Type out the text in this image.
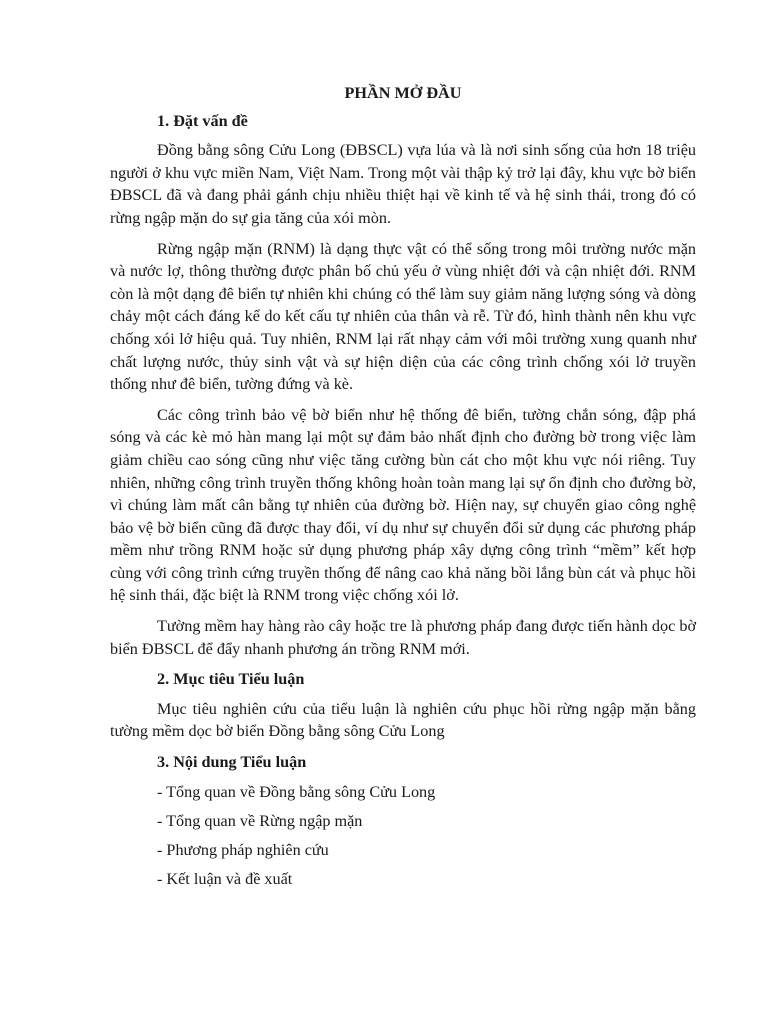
PHẦN MỞ ĐẦU
1. Đặt vấn đề

Đồng bằng sông Cửu Long (ĐBSCL) vựa lúa và là nơi sinh sống của hơn 18 triệu người ở khu vực miền Nam, Việt Nam. Trong một vài thập kỷ trở lại đây, khu vực bờ biển ĐBSCL đã và đang phải gánh chịu nhiều thiệt hại về kinh tế và hệ sinh thái, trong đó có rừng ngập mặn do sự gia tăng của xói mòn.

Rừng ngập mặn (RNM) là dạng thực vật có thể sống trong môi trường nước mặn và nước lợ, thông thường được phân bố chủ yếu ở vùng nhiệt đới và cận nhiệt đới. RNM còn là một dạng đê biển tự nhiên khi chúng có thể làm suy giảm năng lượng sóng và dòng chảy một cách đáng kể do kết cấu tự nhiên của thân và rễ. Từ đó, hình thành nên khu vực chống xói lở hiệu quả. Tuy nhiên, RNM lại rất nhạy cảm với môi trường xung quanh như chất lượng nước, thủy sinh vật và sự hiện diện của các công trình chống xói lở truyền thống như đê biển, tường đứng và kè.

Các công trình bảo vệ bờ biển như hệ thống đê biển, tường chắn sóng, đập phá sóng và các kè mỏ hàn mang lại một sự đảm bảo nhất định cho đường bờ trong việc làm giảm chiều cao sóng cũng như việc tăng cường bùn cát cho một khu vực nói riêng. Tuy nhiên, những công trình truyền thống không hoàn toàn mang lại sự ổn định cho đường bờ, vì chúng làm mất cân bằng tự nhiên của đường bờ. Hiện nay, sự chuyển giao công nghệ bảo vệ bờ biển cũng đã được thay đổi, ví dụ như sự chuyển đổi sử dụng các phương pháp mềm như trồng RNM hoặc sử dụng phương pháp xây dựng công trình “mềm” kết hợp cùng với công trình cứng truyền thống để nâng cao khả năng bồi lắng bùn cát và phục hồi hệ sinh thái, đặc biệt là RNM trong việc chống xói lở.

Tường mềm hay hàng rào cây hoặc tre là phương pháp đang được tiến hành dọc bờ biển ĐBSCL để đẩy nhanh phương án trồng RNM mới.

2. Mục tiêu Tiểu luận

Mục tiêu nghiên cứu của tiểu luận là nghiên cứu phục hồi rừng ngập mặn bằng tường mềm dọc bờ biển Đồng bằng sông Cửu Long

3. Nội dung Tiểu luận
- Tổng quan về Đồng bằng sông Cửu Long
- Tổng quan về Rừng ngập mặn
- Phương pháp nghiên cứu
- Kết luận và đề xuất
